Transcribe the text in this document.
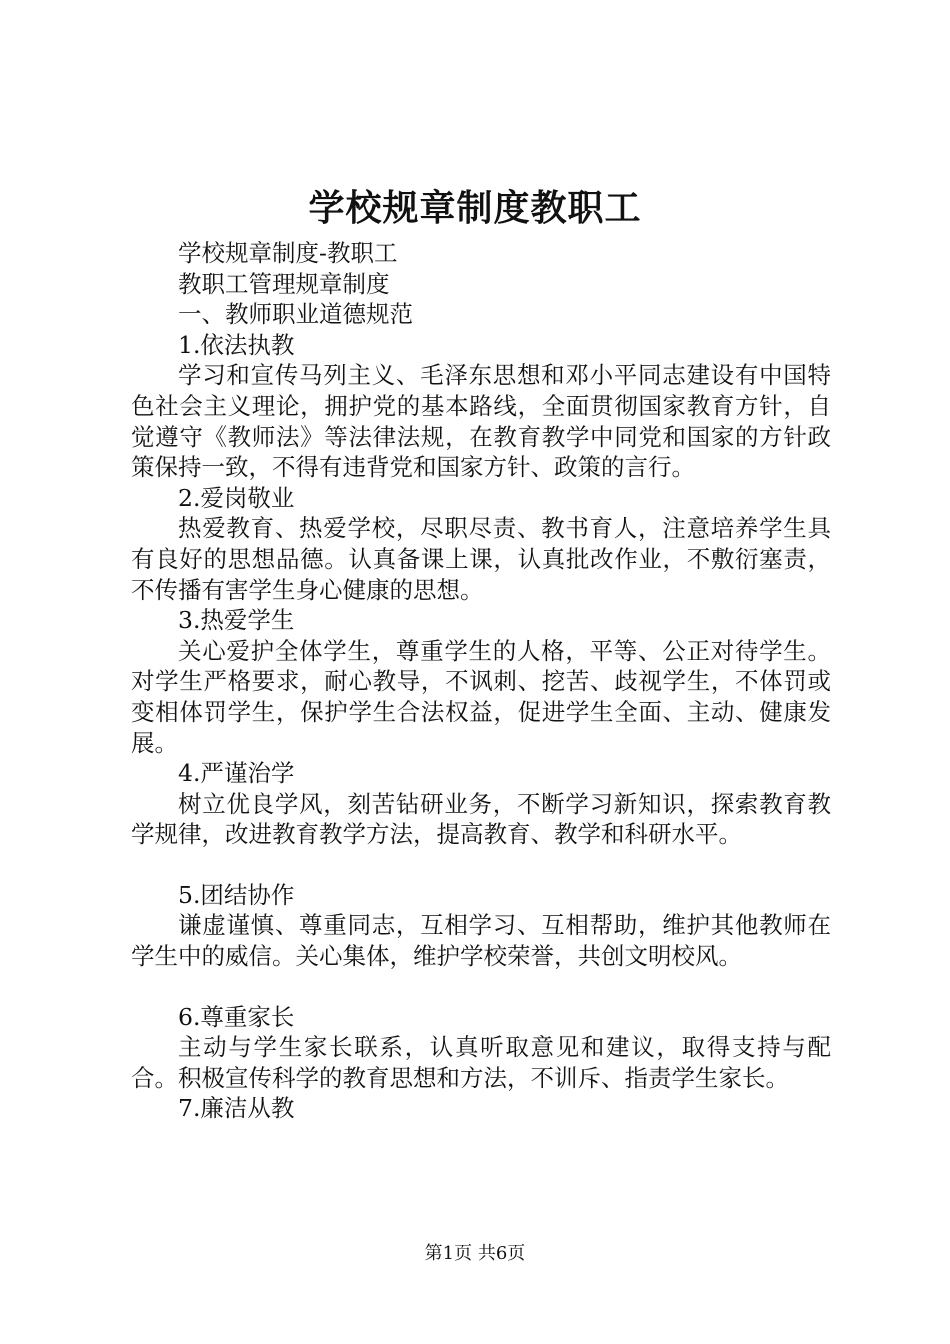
学校规章制度教职工

学校规章制度-教职工

教职工管理规章制度

一、教师职业道德规范

1.依法执教

学习和宣传马列主义、毛泽东思想和邓小平同志建设有中国特色社会主义理论，拥护党的基本路线，全面贯彻国家教育方针，自觉遵守《教师法》等法律法规，在教育教学中同党和国家的方针政策保持一致，不得有违背党和国家方针、政策的言行。

2.爱岗敬业

热爱教育、热爱学校，尽职尽责、教书育人，注意培养学生具有良好的思想品德。认真备课上课，认真批改作业，不敷衍塞责，不传播有害学生身心健康的思想。

3.热爱学生

关心爱护全体学生，尊重学生的人格，平等、公正对待学生。对学生严格要求，耐心教导，不讽刺、挖苦、歧视学生，不体罚或变相体罚学生，保护学生合法权益，促进学生全面、主动、健康发展。

4.严谨治学

树立优良学风，刻苦钻研业务，不断学习新知识，探索教育教学规律，改进教育教学方法，提高教育、教学和科研水平。

5.团结协作

谦虚谨慎、尊重同志，互相学习、互相帮助，维护其他教师在学生中的威信。关心集体，维护学校荣誉，共创文明校风。

6.尊重家长

主动与学生家长联系，认真听取意见和建议，取得支持与配合。积极宣传科学的教育思想和方法，不训斥、指责学生家长。

7.廉洁从教

第1页 共6页
